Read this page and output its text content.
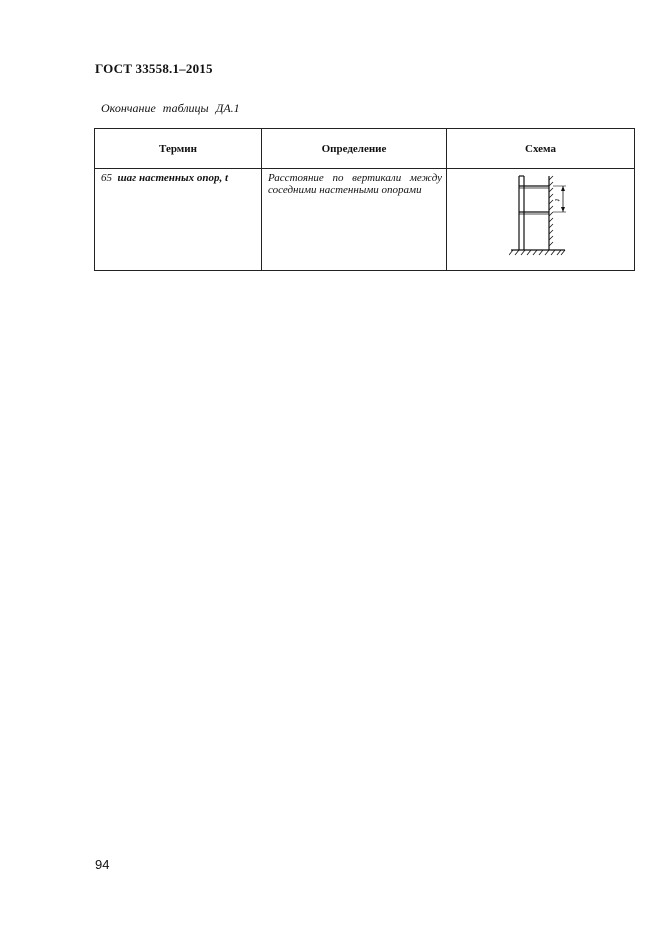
ГОСТ 33558.1–2015
Окончание таблицы ДА.1
Термин	Определение	Схема
65 шаг настенных опор, t	Расстояние по вертикали между соседними настенными опорами	t
94
